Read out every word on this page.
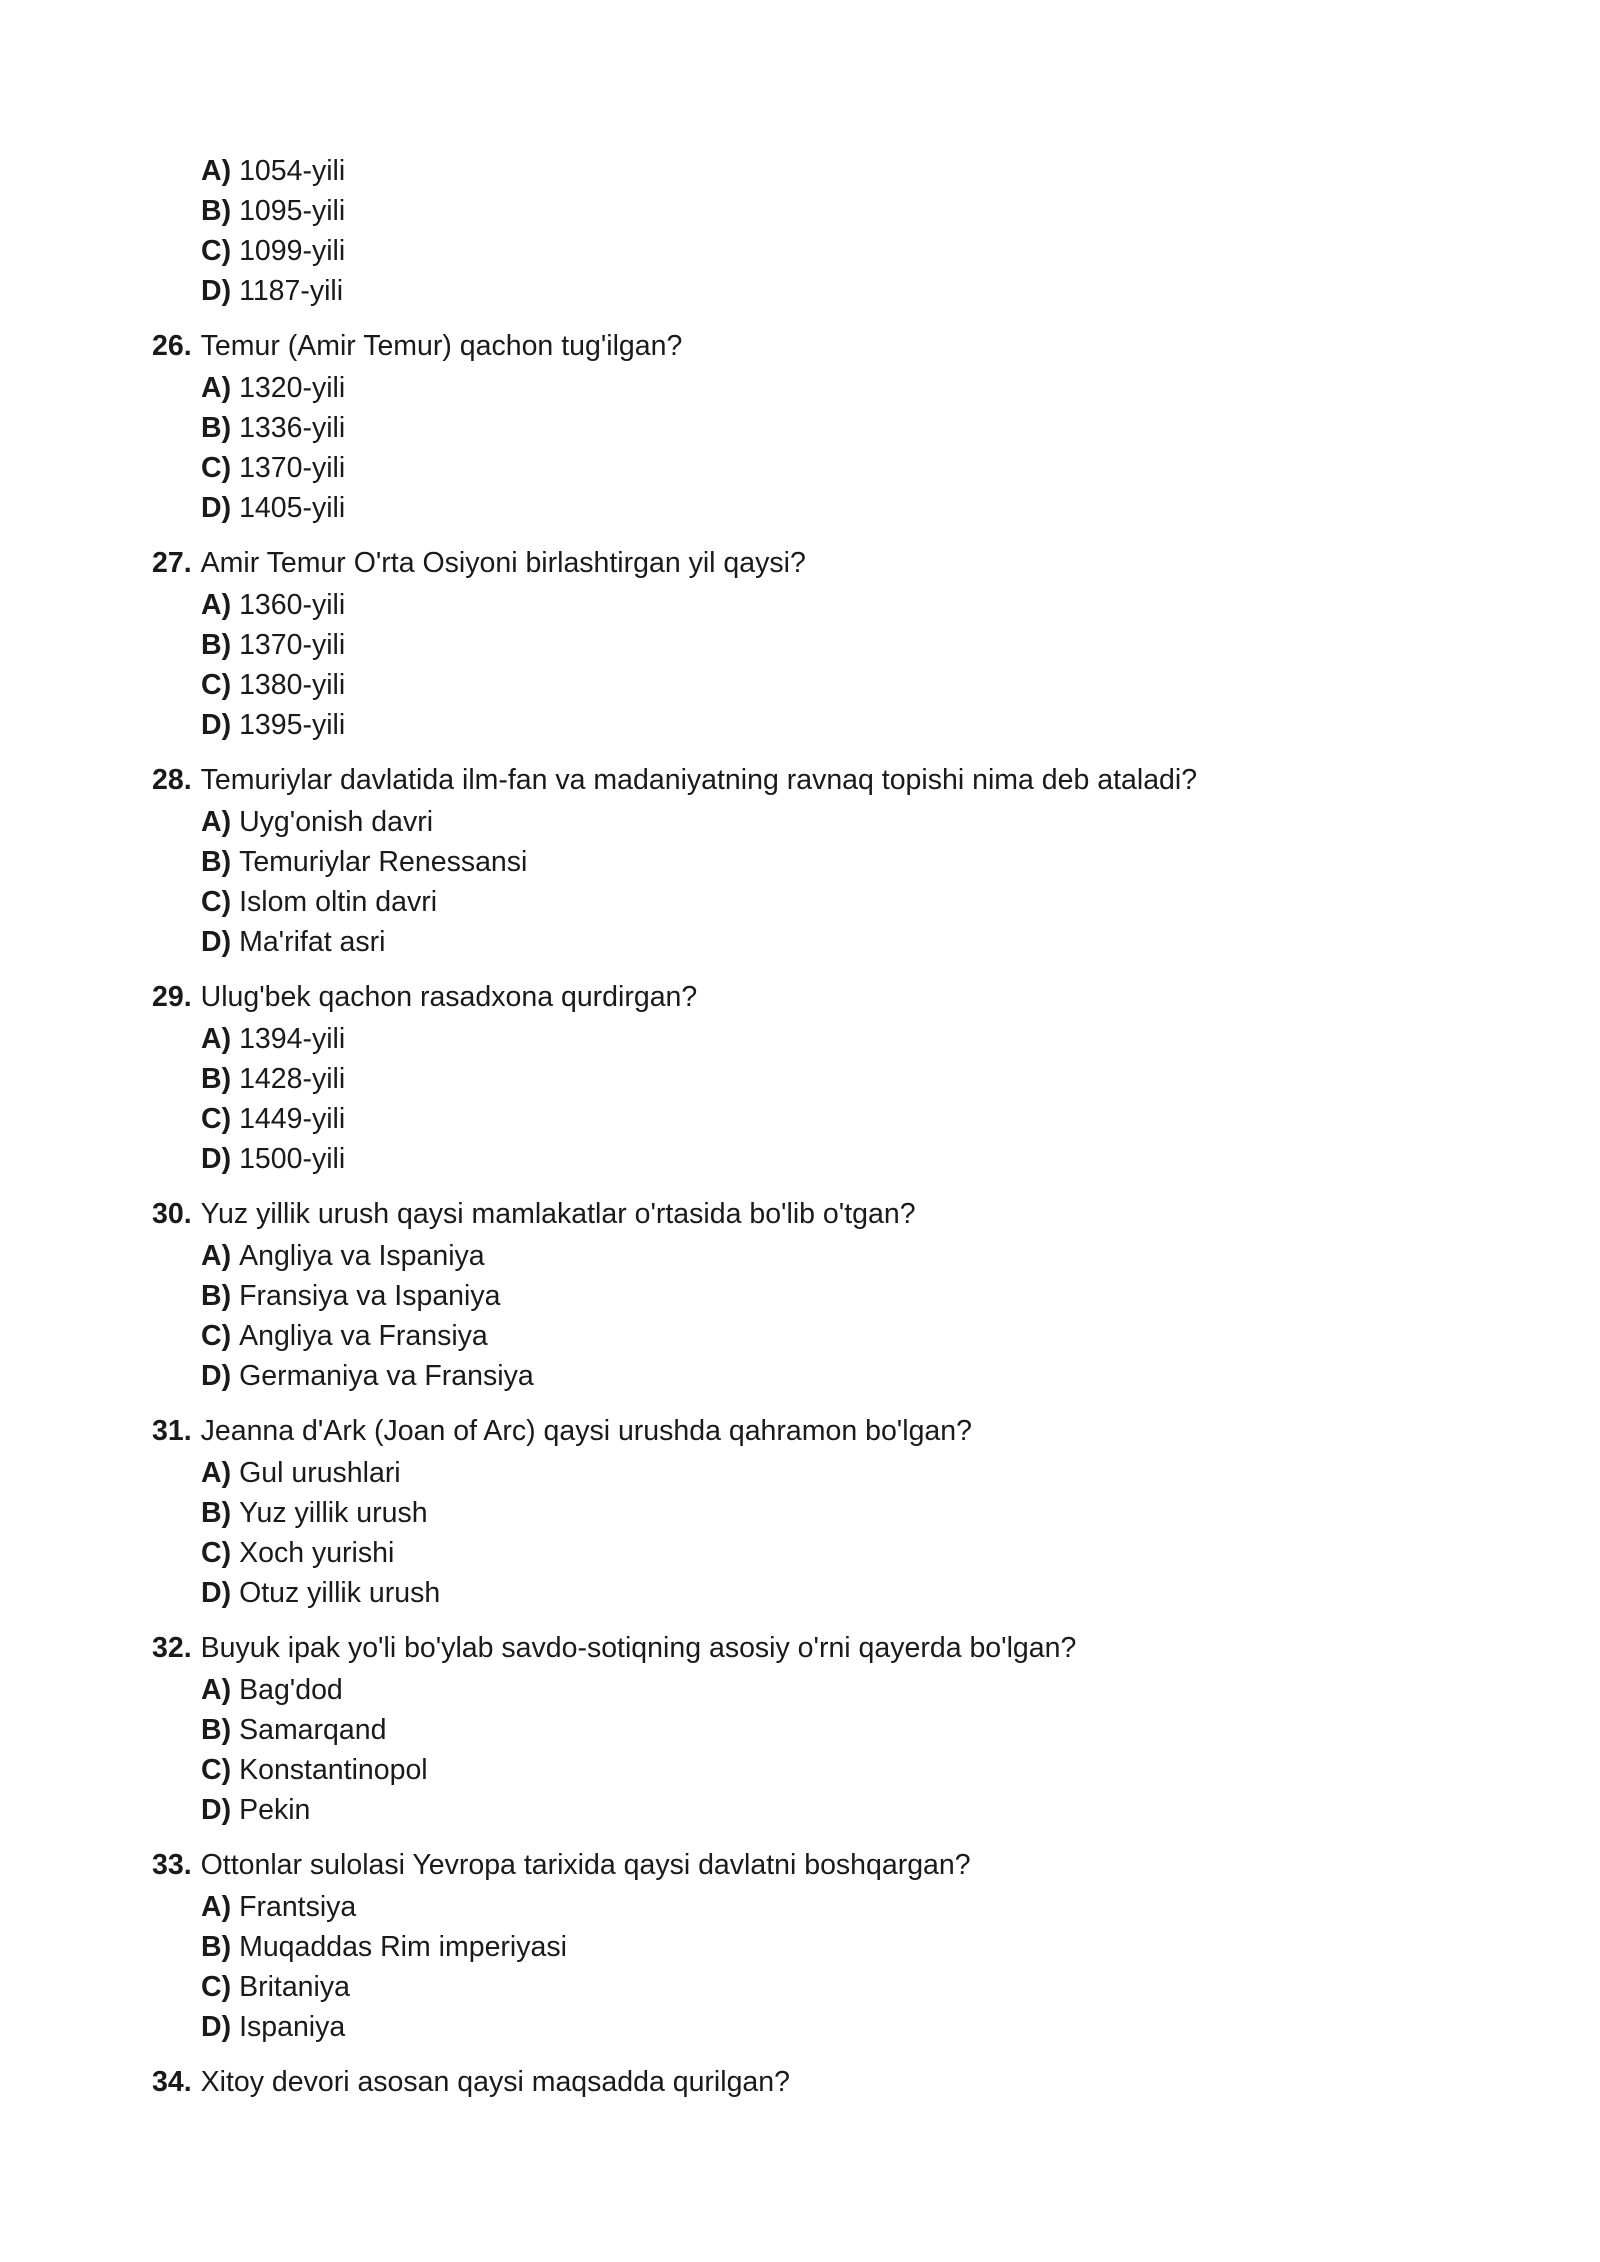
A) 1054-yili
B) 1095-yili
C) 1099-yili
D) 1187-yili
26. Temur (Amir Temur) qachon tug'ilgan?
A) 1320-yili
B) 1336-yili
C) 1370-yili
D) 1405-yili
27. Amir Temur O'rta Osiyoni birlashtirgan yil qaysi?
A) 1360-yili
B) 1370-yili
C) 1380-yili
D) 1395-yili
28. Temuriylar davlatida ilm-fan va madaniyatning ravnaq topishi nima deb ataladi?
A) Uyg'onish davri
B) Temuriylar Renessansi
C) Islom oltin davri
D) Ma'rifat asri
29. Ulug'bek qachon rasadxona qurdirgan?
A) 1394-yili
B) 1428-yili
C) 1449-yili
D) 1500-yili
30. Yuz yillik urush qaysi mamlakatlar o'rtasida bo'lib o'tgan?
A) Angliya va Ispaniya
B) Fransiya va Ispaniya
C) Angliya va Fransiya
D) Germaniya va Fransiya
31. Jeanna d'Ark (Joan of Arc) qaysi urushda qahramon bo'lgan?
A) Gul urushlari
B) Yuz yillik urush
C) Xoch yurishi
D) Otuz yillik urush
32. Buyuk ipak yo'li bo'ylab savdo-sotiqning asosiy o'rni qayerda bo'lgan?
A) Bag'dod
B) Samarqand
C) Konstantinopol
D) Pekin
33. Ottonlar sulolasi Yevropa tarixida qaysi davlatni boshqargan?
A) Frantsiya
B) Muqaddas Rim imperiyasi
C) Britaniya
D) Ispaniya
34. Xitoy devori asosan qaysi maqsadda qurilgan?
